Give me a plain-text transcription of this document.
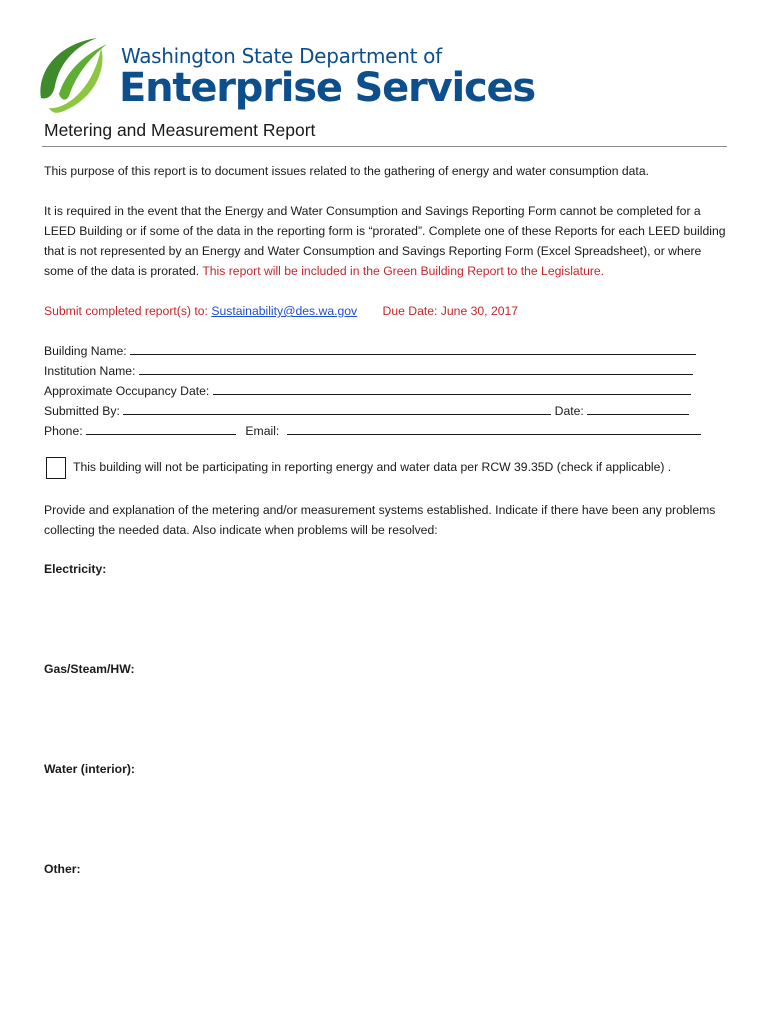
Washington State Department of
Enterprise Services
Metering and Measurement Report
This purpose of this report is to document issues related to the gathering of energy and water consumption data.
It is required in the event that the Energy and Water Consumption and Savings Reporting Form cannot be completed for a LEED Building or if some of the data in the reporting form is “prorated”. Complete one of these Reports for each LEED building that is not represented by an Energy and Water Consumption and Savings Reporting Form (Excel Spreadsheet), or where some of the data is prorated. This report will be included in the Green Building Report to the Legislature.
Submit completed report(s) to: Sustainability@des.wa.gov Due Date: June 30, 2017
Building Name:
Institution Name:
Approximate Occupancy Date:
Submitted By:	Date:
Phone:	Email:
This building will not be participating in reporting energy and water data per RCW 39.35D (check if applicable) .
Provide and explanation of the metering and/or measurement systems established. Indicate if there have been any problems collecting the needed data. Also indicate when problems will be resolved:
Electricity:
Gas/Steam/HW:
Water (interior):
Other:
